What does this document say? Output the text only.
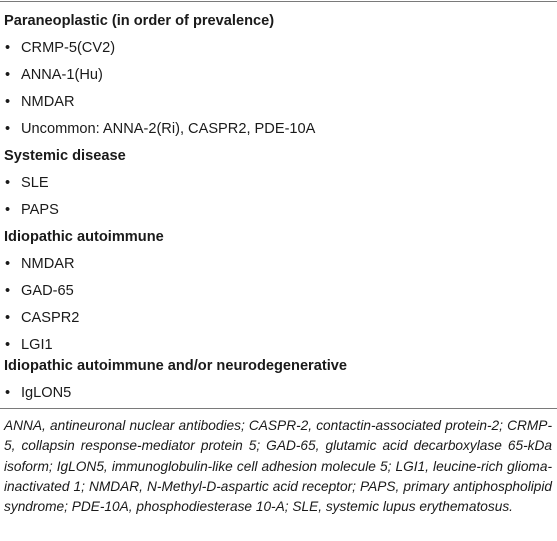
Paraneoplastic (in order of prevalence)
• CRMP-5(CV2)
• ANNA-1(Hu)
• NMDAR
• Uncommon: ANNA-2(Ri), CASPR2, PDE-10A
Systemic disease
• SLE
• PAPS
Idiopathic autoimmune
• NMDAR
• GAD-65
• CASPR2
• LGI1
Idiopathic autoimmune and/or neurodegenerative
• IgLON5
ANNA, antineuronal nuclear antibodies; CASPR-2, contactin-associated protein-2; CRMP-5, collapsin response-mediator protein 5; GAD-65, glutamic acid decarboxylase 65-kDa isoform; IgLON5, immunoglobulin-like cell adhesion molecule 5; LGI1, leucine-rich glioma-inactivated 1; NMDAR, N-Methyl-D-aspartic acid receptor; PAPS, primary antiphospholipid syndrome; PDE-10A, phosphodiesterase 10-A; SLE, systemic lupus erythematosus.
